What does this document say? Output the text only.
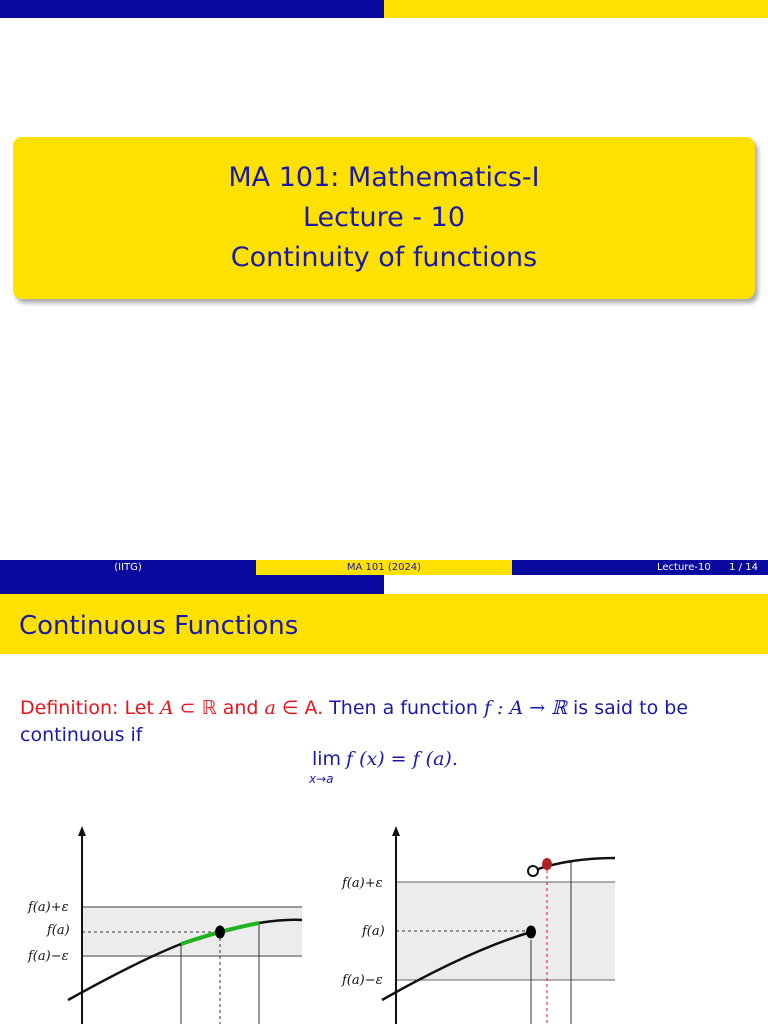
MA 101: Mathematics-I
Lecture - 10
Continuity of functions
(IITG)	MA 101 (2024)	Lecture-10 1 / 14
Continuous Functions
Definition: Let A ⊂ ℝ and a ∈ A. Then a function f : A → ℝ is said to be
continuous if
lim
x→a
f (x) = f (a).
f(a)+ε
f(a)
f(a)−ε
f(a)+ε
f(a)
f(a)−ε
